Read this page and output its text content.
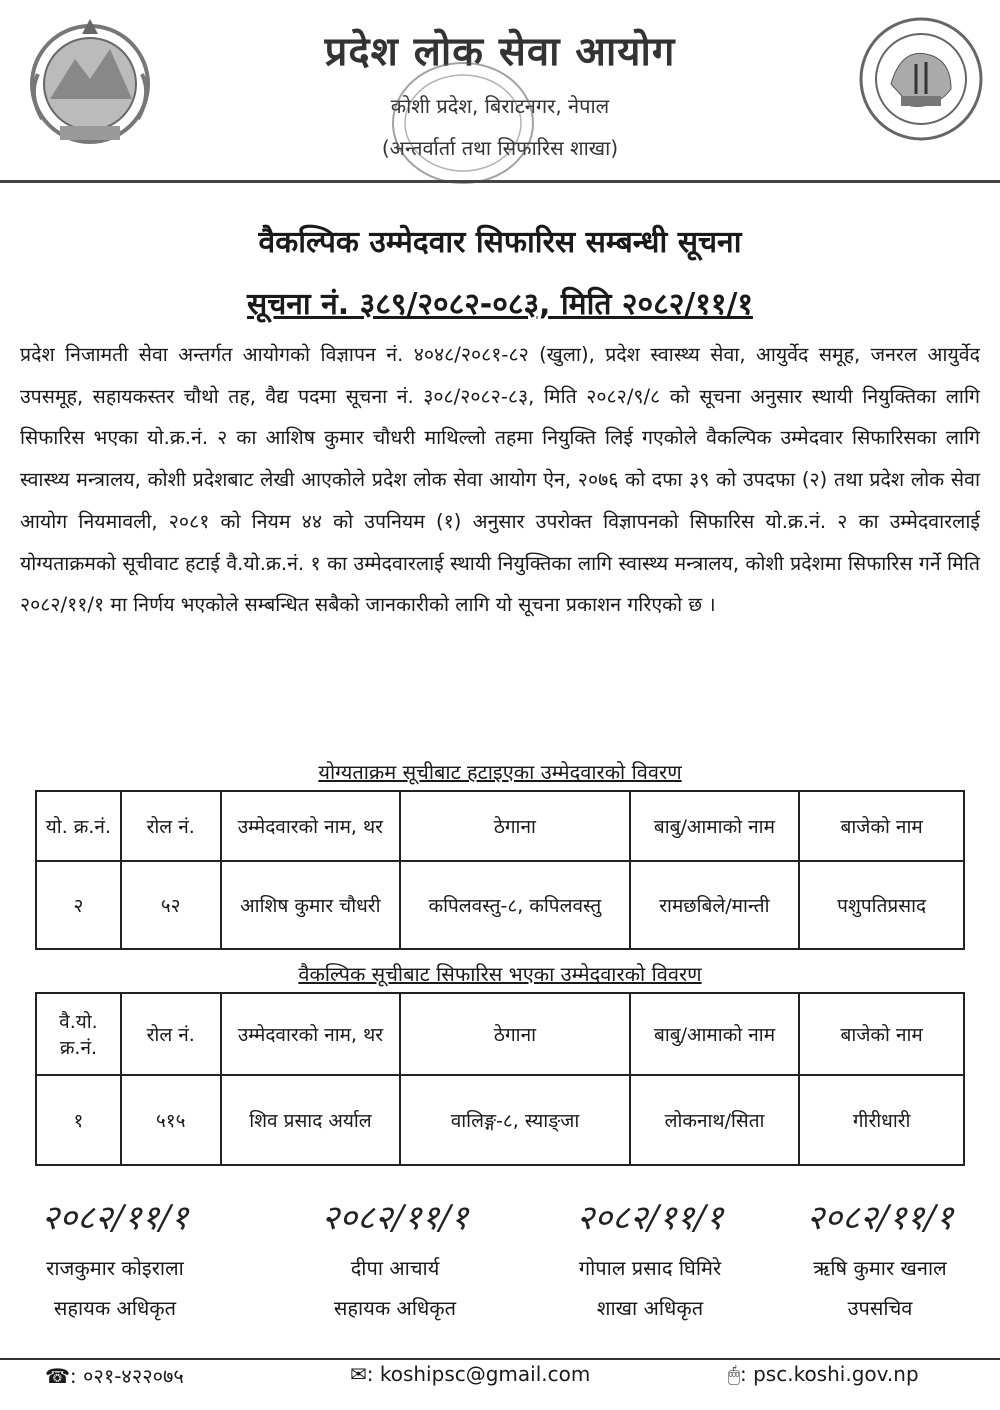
प्रदेश लोक सेवा आयोग
कोशी प्रदेश, बिराटनगर, नेपाल
(अन्तर्वार्ता तथा सिफारिस शाखा)
वैकल्पिक उम्मेदवार सिफारिस सम्बन्धी सूचना
सूचना नं. ३८९/२०८२-०८३, मिति २०८२/११/१
प्रदेश निजामती सेवा अन्तर्गत आयोगको विज्ञापन नं. ४०४८/२०८१-८२ (खुला), प्रदेश स्वास्थ्य सेवा, आयुर्वेद समूह, जनरल आयुर्वेद उपसमूह, सहायकस्तर चौथो तह, वैद्य पदमा सूचना नं. ३०८/२०८२-८३, मिति २०८२/९/८ को सूचना अनुसार स्थायी नियुक्तिका लागि सिफारिस भएका यो.क्र.नं. २ का आशिष कुमार चौधरी माथिल्लो तहमा नियुक्ति लिई गएकोले वैकल्पिक उम्मेदवार सिफारिसका लागि स्वास्थ्य मन्त्रालय, कोशी प्रदेशबाट लेखी आएकोले प्रदेश लोक सेवा आयोग ऐन, २०७६ को दफा ३९ को उपदफा (२) तथा प्रदेश लोक सेवा आयोग नियमावली, २०८१ को नियम ४४ को उपनियम (१) अनुसार उपरोक्त विज्ञापनको सिफारिस यो.क्र.नं. २ का उम्मेदवारलाई योग्यताक्रमको सूचीवाट हटाई वै.यो.क्र.नं. १ का उम्मेदवारलाई स्थायी नियुक्तिका लागि स्वास्थ्य मन्त्रालय, कोशी प्रदेशमा सिफारिस गर्ने मिति २०८२/११/१ मा निर्णय भएकोले सम्बन्धित सबैको जानकारीको लागि यो सूचना प्रकाशन गरिएको छ ।
योग्यताक्रम सूचीबाट हटाइएका उम्मेदवारको विवरण
यो. क्र.नं.	रोल नं.	उम्मेदवारको नाम, थर	ठेगाना	बाबु/आमाको नाम	बाजेको नाम
२	५२	आशिष कुमार चौधरी	कपिलवस्तु-८, कपिलवस्तु	रामछबिले/मान्ती	पशुपतिप्रसाद
वैकल्पिक सूचीबाट सिफारिस भएका उम्मेदवारको विवरण
वै.यो. क्र.नं.	रोल नं.	उम्मेदवारको नाम, थर	ठेगाना	बाबु/आमाको नाम	बाजेको नाम
१	५१५	शिव प्रसाद अर्याल	वालिङ्ग-८, स्याङ्जा	लोकनाथ/सिता	गीरीधारी
२०८२/११/१
राजकुमार कोइराला
सहायक अधिकृत
२०८२/११/१
दीपा आचार्य
सहायक अधिकृत
२०८२/११/१
गोपाल प्रसाद घिमिरे
शाखा अधिकृत
२०८२/११/१
ऋषि कुमार खनाल
उपसचिव
☎: ०२१-४२२०७५	✉: koshipsc@gmail.com	🖱: psc.koshi.gov.np
